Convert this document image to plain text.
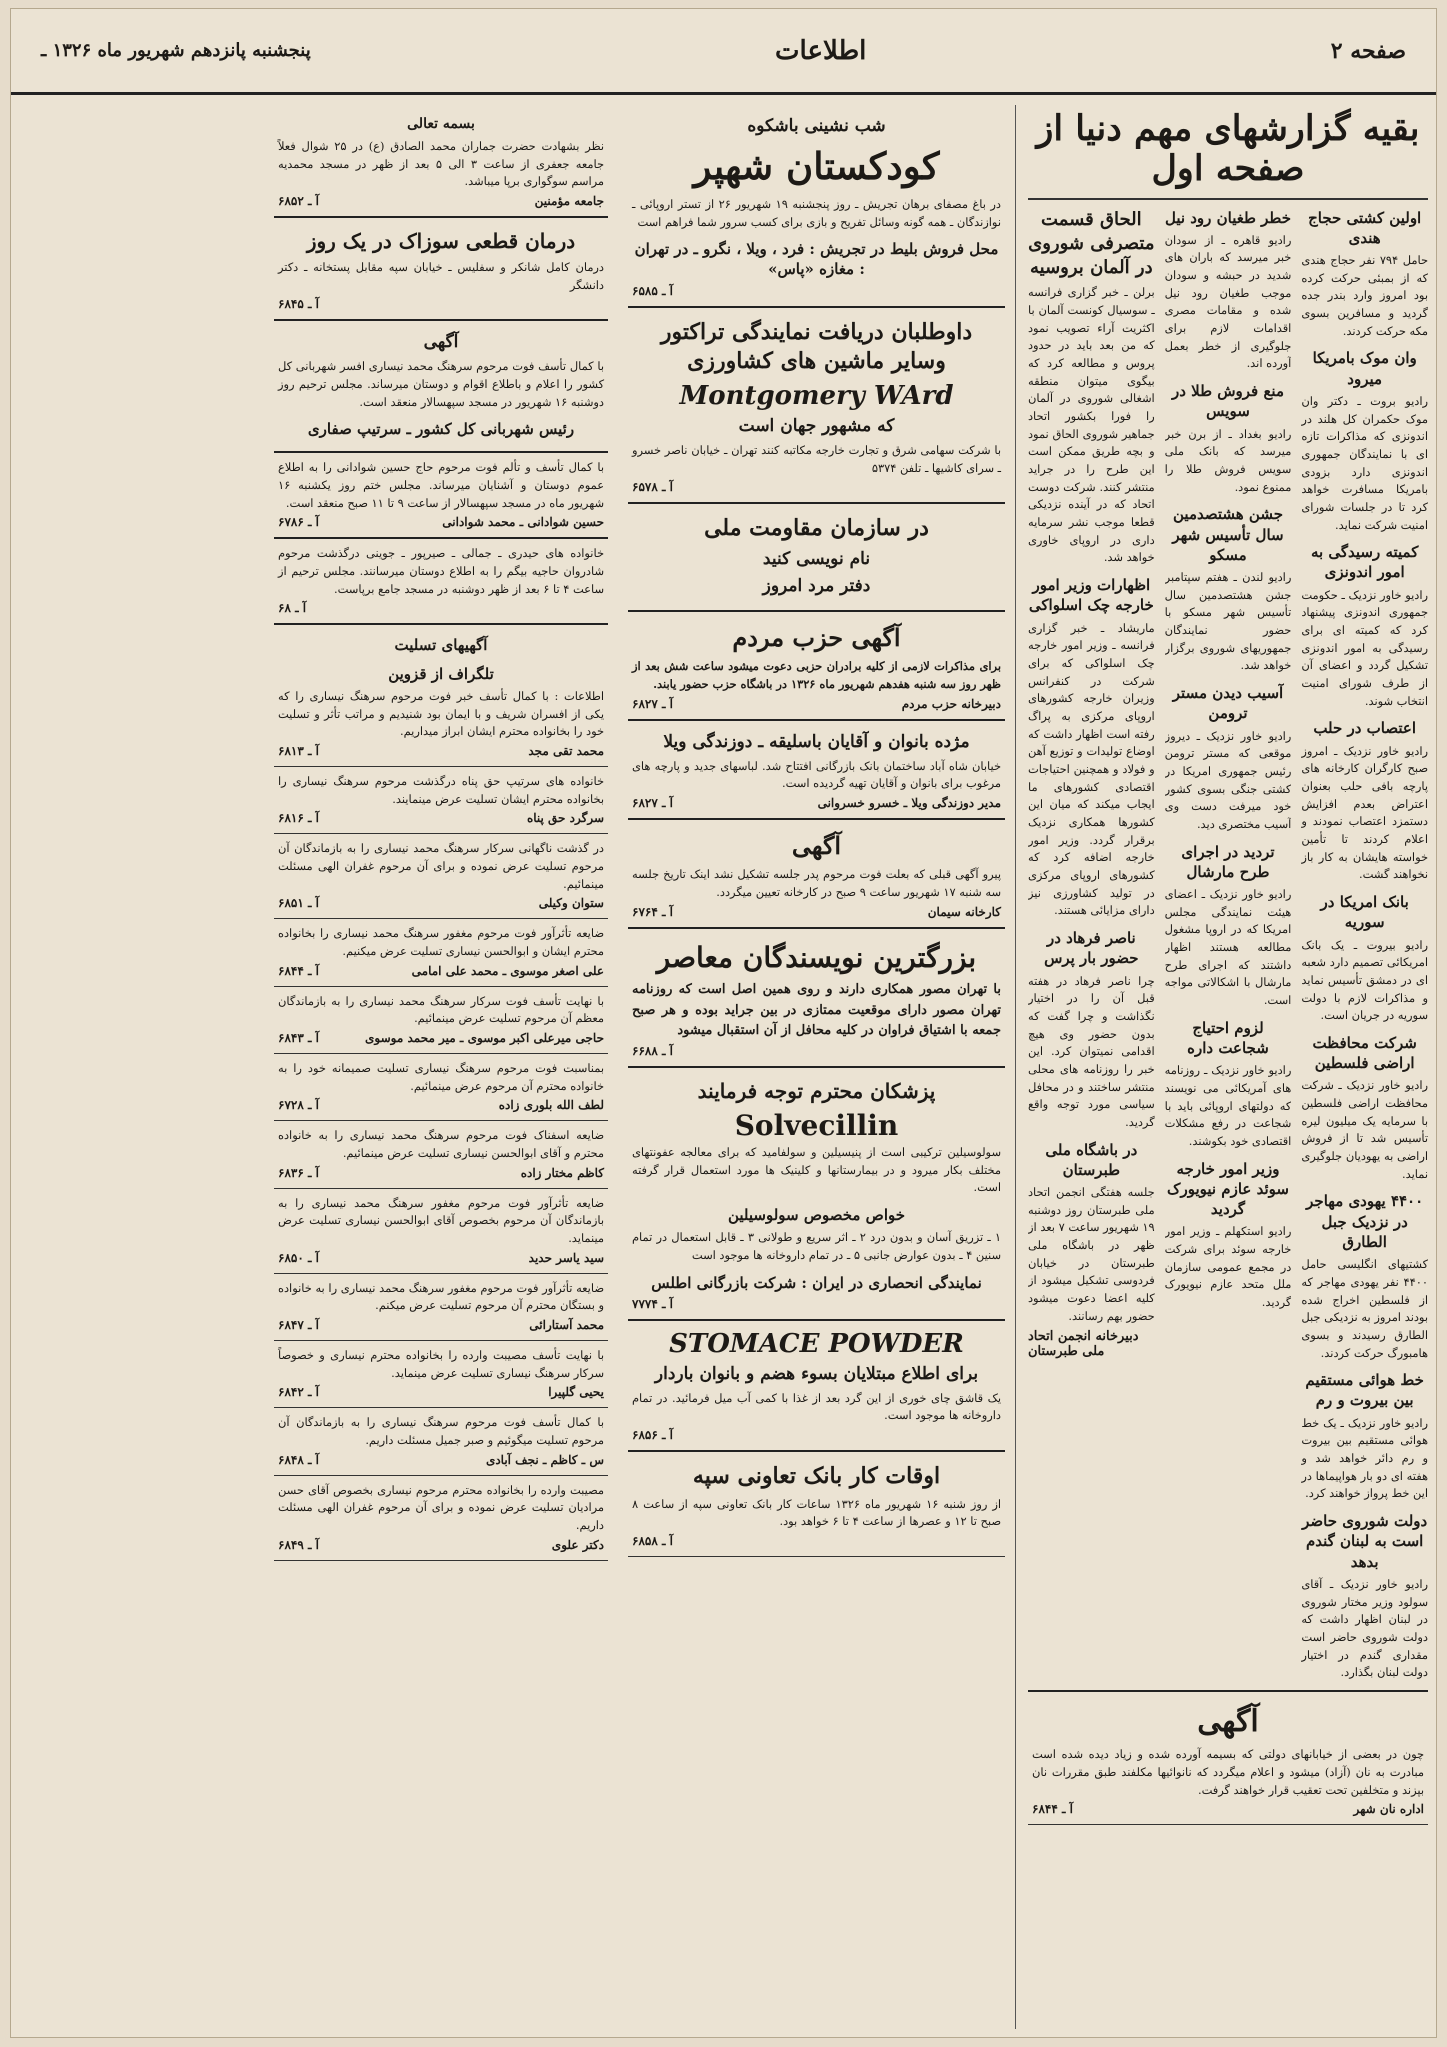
صفحه ۲
اطلاعات
پنجشنبه پانزدهم شهریور ماه ۱۳۲۶ ـ
بقیه گزارشهای مهم دنیا از صفحه اول
اولین کشتی حجاج هندی
حامل ۷۹۴ نفر حجاج هندی که از بمبئی حرکت کرده بود امروز وارد بندر جده گردید و مسافرین بسوی مکه حرکت کردند.
وان موک بامریکا میرود
رادیو بروت ـ دکتر وان موک حکمران کل هلند در اندونزی که مذاکرات تازه ای با نمایندگان جمهوری اندونزی دارد بزودی بامریکا مسافرت خواهد کرد تا در جلسات شورای امنیت شرکت نماید.
کمیته رسیدگی به امور اندونزی
رادیو خاور نزدیک ـ حکومت جمهوری اندونزی پیشنهاد کرد که کمیته ای برای رسیدگی به امور اندونزی تشکیل گردد و اعضای آن از طرف شورای امنیت انتخاب شوند.
اعتصاب در حلب
رادیو خاور نزدیک ـ امروز صبح کارگران کارخانه های پارچه بافی حلب بعنوان اعتراض بعدم افزایش دستمزد اعتصاب نمودند و اعلام کردند تا تأمین خواسته هایشان به کار باز نخواهند گشت.
بانک امریکا در سوریه
رادیو بیروت ـ یک بانک امریکائی تصمیم دارد شعبه ای در دمشق تأسیس نماید و مذاکرات لازم با دولت سوریه در جریان است.
شرکت محافظت اراضی فلسطین
رادیو خاور نزدیک ـ شرکت محافظت اراضی فلسطین با سرمایه یک میلیون لیره تأسیس شد تا از فروش اراضی به یهودیان جلوگیری نماید.
۴۴۰۰ یهودی مهاجر در نزدیک جبل الطارق
کشتیهای انگلیسی حامل ۴۴۰۰ نفر یهودی مهاجر که از فلسطین اخراج شده بودند امروز به نزدیکی جبل الطارق رسیدند و بسوی هامبورگ حرکت کردند.
خط هوائی مستقیم بین بیروت و رم
رادیو خاور نزدیک ـ یک خط هوائی مستقیم بین بیروت و رم دائر خواهد شد و هفته ای دو بار هواپیماها در این خط پرواز خواهند کرد.
دولت شوروی حاضر است به لبنان گندم بدهد
رادیو خاور نزدیک ـ آقای سولود وزیر مختار شوروی در لبنان اظهار داشت که دولت شوروی حاضر است مقداری گندم در اختیار دولت لبنان بگذارد.
خطر طغیان رود نیل
رادیو قاهره ـ از سودان خبر میرسد که باران های شدید در حبشه و سودان موجب طغیان رود نیل شده و مقامات مصری اقدامات لازم برای جلوگیری از خطر بعمل آورده اند.
منع فروش طلا در سویس
رادیو بغداد ـ از برن خبر میرسد که بانک ملی سویس فروش طلا را ممنوع نمود.
جشن هشتصدمین سال تأسیس شهر مسکو
رادیو لندن ـ هفتم سپتامبر جشن هشتصدمین سال تأسیس شهر مسکو با حضور نمایندگان جمهوریهای شوروی برگزار خواهد شد.
آسیب دیدن مستر ترومن
رادیو خاور نزدیک ـ دیروز موقعی که مستر ترومن رئیس جمهوری امریکا در کشتی جنگی بسوی کشور خود میرفت دست وی آسیب مختصری دید.
تردید در اجرای طرح مارشال
رادیو خاور نزدیک ـ اعضای هیئت نمایندگی مجلس امریکا که در اروپا مشغول مطالعه هستند اظهار داشتند که اجرای طرح مارشال با اشکالاتی مواجه است.
لزوم احتیاج شجاعت داره
رادیو خاور نزدیک ـ روزنامه های آمریکائی می نویسند که دولتهای اروپائی باید با شجاعت در رفع مشکلات اقتصادی خود بکوشند.
وزیر امور خارجه سوئد عازم نیویورک گردید
رادیو استکهلم ـ وزیر امور خارجه سوئد برای شرکت در مجمع عمومی سازمان ملل متحد عازم نیویورک گردید.
الحاق قسمت متصرفی شوروی در آلمان بروسیه
برلن ـ خبر گزاری فرانسه ـ سوسیال کونست آلمان با اکثریت آراء تصویب نمود که من بعد باید در حدود پروس و مطالعه کرد که بیگوی میتوان منطقه اشغالی شوروی در آلمان را فورا بکشور اتحاد جماهیر شوروی الحاق نمود و بچه طریق ممکن است این طرح را در جراید منتشر کنند. شرکت دوست اتحاد که در آینده نزدیکی قطعا موجب نشر سرمایه داری در اروپای خاوری خواهد شد.
اظهارات وزیر امور خارجه چک اسلواکی
ماریشاد ـ خبر گزاری فرانسه ـ وزیر امور خارجه چک اسلواکی که برای شرکت در کنفرانس وزیران خارجه کشورهای اروپای مرکزی به پراگ رفته است اظهار داشت که اوضاع تولیدات و توزیع آهن و فولاد و همچنین احتیاجات اقتصادی کشورهای ما ایجاب میکند که میان این کشورها همکاری نزدیک برقرار گردد. وزیر امور خارجه اضافه کرد که کشورهای اروپای مرکزی در تولید کشاورزی نیز دارای مزایائی هستند.
ناصر فرهاد در حضور بار پرس
چرا ناصر فرهاد در هفته قبل آن را در اختیار نگذاشت و چرا گفت که بدون حضور وی هیچ اقدامی نمیتوان کرد. این خبر را روزنامه های محلی منتشر ساختند و در محافل سیاسی مورد توجه واقع گردید.
در باشگاه ملی طبرستان
جلسه هفتگی انجمن اتحاد ملی طبرستان روز دوشنبه ۱۹ شهریور ساعت ۷ بعد از ظهر در باشگاه ملی طبرستان در خیابان فردوسی تشکیل میشود از کلیه اعضا دعوت میشود حضور بهم رسانند.
دبیرخانه انجمن اتحاد ملی طبرستان
آگهی
چون در بعضی از خیابانهای دولتی که بسیمه آورده شده و زیاد دیده شده است مبادرت به نان (آزاد) میشود و اعلام میگردد که نانوائیها مکلفند طبق مقررات نان بپزند و متخلفین تحت تعقیب قرار خواهند گرفت.
آ ـ ۶۸۴۴	اداره نان شهر
شب نشینی باشکوه
کودکستان شهپر
در باغ مصفای برهان تجریش ـ روز پنجشنبه ۱۹ شهریور ۲۶ از تستر اروپائی ـ نوازندگان ـ همه گونه وسائل تفریح و بازی برای کسب سرور شما فراهم است
محل فروش بلیط در تجریش : فرد ، ویلا ، نگرو ـ در تهران : مغازه «پاس»
آ ـ ۶۵۸۵
داوطلبان دریافت نمایندگی تراکتور وسایر ماشین های کشاورزی
Montgomery WArd
که مشهور جهان است
با شرکت سهامی شرق و تجارت خارجه مکاتبه کنند تهران ـ خیابان ناصر خسرو ـ سرای کاشیها ـ تلفن ۵۳۷۴
آ ـ ۶۵۷۸
در سازمان مقاومت ملی
نام نویسی کنید
دفتر مرد امروز
آگهی حزب مردم
برای مذاکرات لازمی از کلیه برادران حزبی دعوت میشود ساعت شش بعد از ظهر روز سه شنبه هفدهم شهریور ماه ۱۳۲۶ در باشگاه حزب حضور یابند.
آ ـ ۶۸۲۷	دبیرخانه حزب مردم
مژده بانوان و آقایان باسلیقه ـ دوزندگی ویلا
خیابان شاه آباد ساختمان بانک بازرگانی افتتاح شد. لباسهای جدید و پارچه های مرغوب برای بانوان و آقایان تهیه گردیده است.
آ ـ ۶۸۲۷	مدیر دوزندگی ویلا ـ خسرو خسروانی
آگهی
پیرو آگهی قبلی که بعلت فوت مرحوم پدر جلسه تشکیل نشد اینک تاریخ جلسه سه شنبه ۱۷ شهریور ساعت ۹ صبح در کارخانه تعیین میگردد.
آ ـ ۶۷۶۴	کارخانه سیمان
بزرگترین نویسندگان معاصر
با تهران مصور همکاری دارند و روی همین اصل است که روزنامه تهران مصور دارای موقعیت ممتازی در بین جراید بوده و هر صبح جمعه با اشتیاق فراوان در کلیه محافل از آن استقبال میشود
آ ـ ۶۶۸۸
پزشکان محترم توجه فرمایند
Solvecillin
سولوسیلین ترکیبی است از پنیسیلین و سولفامید که برای معالجه عفونتهای مختلف بکار میرود و در بیمارستانها و کلینیک ها مورد استعمال قرار گرفته است.
خواص مخصوص سولوسیلین
۱ ـ تزریق آسان و بدون درد ۲ ـ اثر سریع و طولانی ۳ ـ قابل استعمال در تمام سنین ۴ ـ بدون عوارض جانبی ۵ ـ در تمام داروخانه ها موجود است
نمایندگی انحصاری در ایران : شرکت بازرگانی اطلس
آ ـ ۷۷۷۴
STOMACE POWDER
برای اطلاع مبتلایان بسوء هضم و بانوان باردار
یک قاشق چای خوری از این گرد بعد از غذا با کمی آب میل فرمائید. در تمام داروخانه ها موجود است.
آ ـ ۶۸۵۶
اوقات کار بانک تعاونی سپه
از روز شنبه ۱۶ شهریور ماه ۱۳۲۶ ساعات کار بانک تعاونی سپه از ساعت ۸ صبح تا ۱۲ و عصرها از ساعت ۴ تا ۶ خواهد بود.
آ ـ ۶۸۵۸
بسمه تعالی
نظر بشهادت حضرت جماران محمد الصادق (ع) در ۲۵ شوال فعلاً جامعه جعفری از ساعت ۳ الی ۵ بعد از ظهر در مسجد محمدیه مراسم سوگواری برپا میباشد.
آ ـ ۶۸۵۲	جامعه مؤمنین
درمان قطعی سوزاک در یک روز
درمان کامل شانکر و سفلیس ـ خیابان سپه مقابل پستخانه ـ دکتر دانشگر
آ ـ ۶۸۴۵
آگهی
با کمال تأسف فوت مرحوم سرهنگ محمد نیساری افسر شهربانی کل کشور را اعلام و باطلاع اقوام و دوستان میرساند. مجلس ترحیم روز دوشنبه ۱۶ شهریور در مسجد سپهسالار منعقد است.
رئیس شهربانی کل کشور ـ سرتیپ صفاری
با کمال تأسف و تألم فوت مرحوم حاج حسین شوادانی را به اطلاع عموم دوستان و آشنایان میرساند. مجلس ختم روز یکشنبه ۱۶ شهریور ماه در مسجد سپهسالار از ساعت ۹ تا ۱۱ صبح منعقد است.
آ ـ ۶۷۸۶	حسین شوادانی ـ محمد شوادانی
خانواده های حیدری ـ جمالی ـ صیرپور ـ جوینی درگذشت مرحوم شادروان حاجیه بیگم را به اطلاع دوستان میرسانند. مجلس ترحیم از ساعت ۴ تا ۶ بعد از ظهر دوشنبه در مسجد جامع برپاست.
آ ـ ۶۸
آگهیهای تسلیت
تلگراف از قزوین
اطلاعات : با کمال تأسف خبر فوت مرحوم سرهنگ نیساری را که یکی از افسران شریف و با ایمان بود شنیدیم و مراتب تأثر و تسلیت خود را بخانواده محترم ایشان ابراز میداریم.
آ ـ ۶۸۱۳	محمد تقی مجد
خانواده های سرتیپ حق پناه درگذشت مرحوم سرهنگ نیساری را بخانواده محترم ایشان تسلیت عرض مینمایند.
آ ـ ۶۸۱۶	سرگرد حق پناه
در گذشت ناگهانی سرکار سرهنگ محمد نیساری را به بازماندگان آن مرحوم تسلیت عرض نموده و برای آن مرحوم غفران الهی مسئلت مینمائیم.
آ ـ ۶۸۵۱	ستوان وکیلی
ضایعه تأثرآور فوت مرحوم مغفور سرهنگ محمد نیساری را بخانواده محترم ایشان و ابوالحسن نیساری تسلیت عرض میکنیم.
آ ـ ۶۸۴۴	علی اصغر موسوی ـ محمد علی امامی
با نهایت تأسف فوت سرکار سرهنگ محمد نیساری را به بازماندگان معظم آن مرحوم تسلیت عرض مینمائیم.
آ ـ ۶۸۴۳	حاجی میرعلی اکبر موسوی ـ میر محمد موسوی
بمناسبت فوت مرحوم سرهنگ نیساری تسلیت صمیمانه خود را به خانواده محترم آن مرحوم عرض مینمائیم.
آ ـ ۶۷۲۸	لطف الله بلوری زاده
ضایعه اسفناک فوت مرحوم سرهنگ محمد نیساری را به خانواده محترم و آقای ابوالحسن نیساری تسلیت عرض مینمائیم.
آ ـ ۶۸۳۶	کاظم مختار زاده
ضایعه تأثرآور فوت مرحوم مغفور سرهنگ محمد نیساری را به بازماندگان آن مرحوم بخصوص آقای ابوالحسن نیساری تسلیت عرض مینماید.
آ ـ ۶۸۵۰	سید یاسر حدید
ضایعه تأثرآور فوت مرحوم مغفور سرهنگ محمد نیساری را به خانواده و بستگان محترم آن مرحوم تسلیت عرض میکنم.
آ ـ ۶۸۴۷	محمد آستارائی
با نهایت تأسف مصیبت وارده را بخانواده محترم نیساری و خصوصاً سرکار سرهنگ نیساری تسلیت عرض مینماید.
آ ـ ۶۸۴۲	یحیی گلپیرا
با کمال تأسف فوت مرحوم سرهنگ نیساری را به بازماندگان آن مرحوم تسلیت میگوئیم و صبر جمیل مسئلت داریم.
آ ـ ۶۸۴۸	س ـ کاظم ـ نجف آبادی
مصیبت وارده را بخانواده محترم مرحوم نیساری بخصوص آقای حسن مرادیان تسلیت عرض نموده و برای آن مرحوم غفران الهی مسئلت داریم.
آ ـ ۶۸۴۹	دکتر علوی
